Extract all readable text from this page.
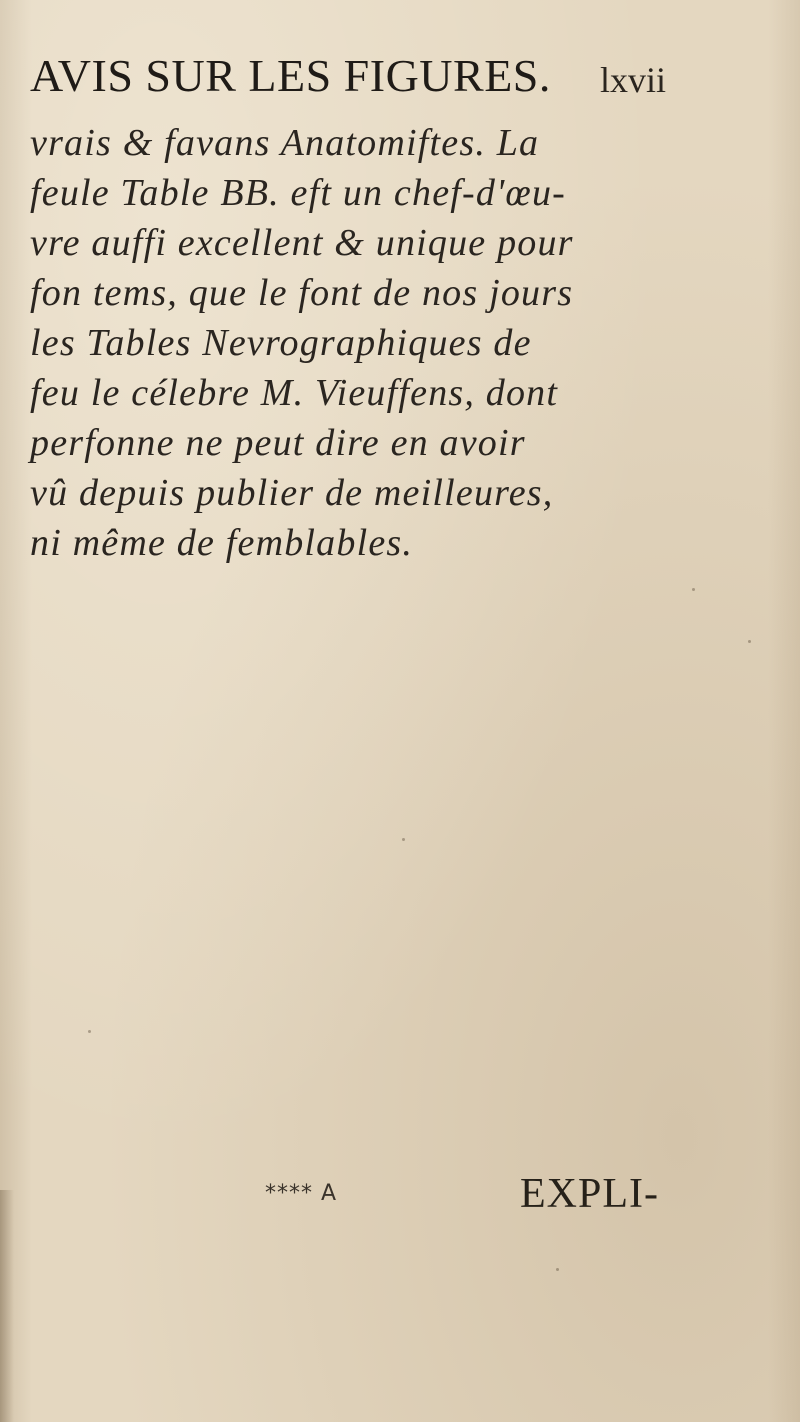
AVIS SUR LES FIGURES. lxvii
vrais & favans Anatomiftes. La
feule Table BB. eft un chef-d'œu-
vre auffi excellent & unique pour
fon tems, que le font de nos jours
les Tables Nevrographiques de
feu le célebre M. Vieuffens, dont
perfonne ne peut dire en avoir
vû depuis publier de meilleures,
ni même de femblables.
**** A	EXPLI-
